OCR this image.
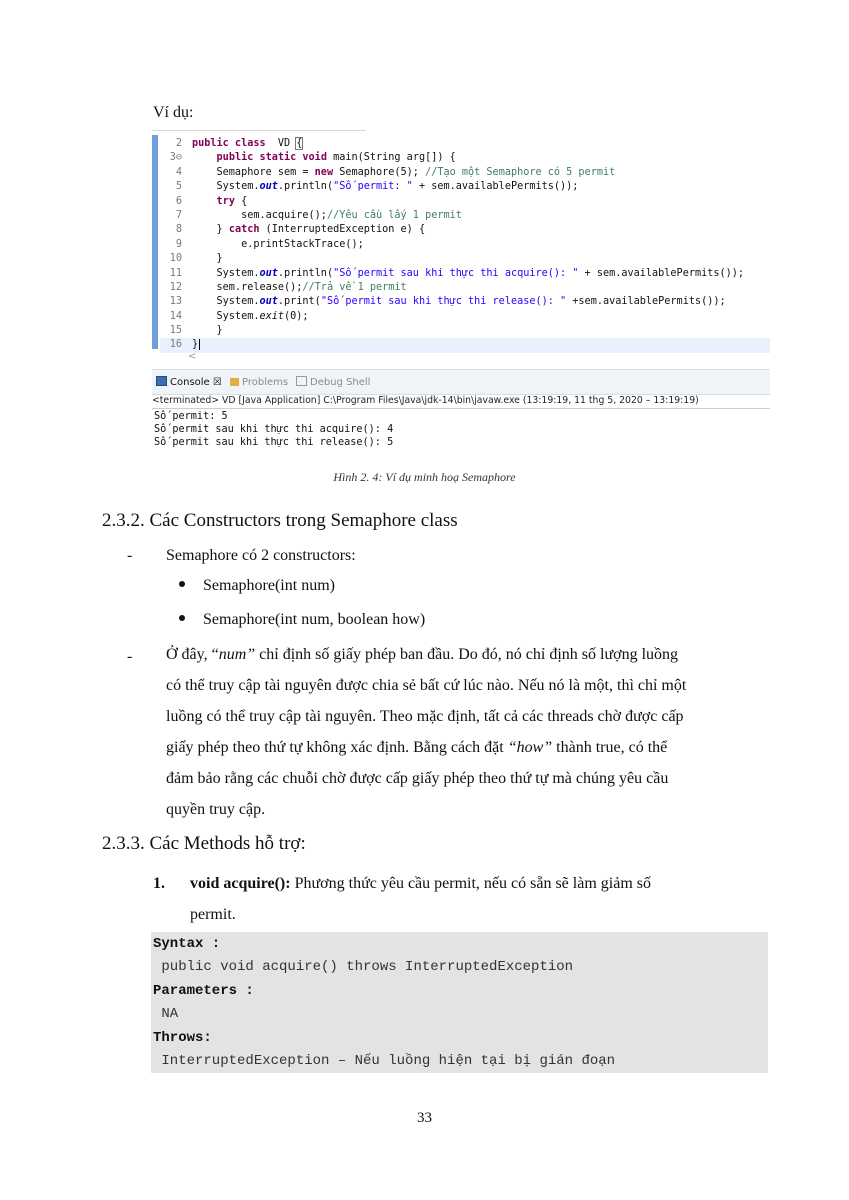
Ví dụ:
2 public class  VD {
3⊖	public static void main(String arg[]) {
4    Semaphore sem = new Semaphore(5); //Tạo một Semaphore có 5 permit
5    System.out.println("Số permit: " + sem.availablePermits());
6	try {
7        sem.acquire();//Yêu cầu lấy 1 permit
8    } catch (InterruptedException e) {
9        e.printStackTrace();
10    }
11    System.out.println("Số permit sau khi thực thi acquire(): " + sem.availablePermits());
12    sem.release();//Trả về 1 permit
13    System.out.print("Số permit sau khi thực thi release(): " +sem.availablePermits());
14    System.exit(0);
15    }
16 }
<
Console ☒	Problems	Debug Shell
<terminated> VD [Java Application] C:\Program Files\Java\jdk-14\bin\javaw.exe (13:19:19, 11 thg 5, 2020 – 13:19:19)
Số permit: 5
Số permit sau khi thực thi acquire(): 4
Số permit sau khi thực thi release(): 5
Hình 2. 4: Ví dụ minh hoạ Semaphore
2.3.2. Các Constructors trong Semaphore class
- Semaphore có 2 constructors:
Semaphore(int num)
Semaphore(int num, boolean how)
- Ở đây, “num” chỉ định số giấy phép ban đầu. Do đó, nó chỉ định số lượng luồng
có thể truy cập tài nguyên được chia sẻ bất cứ lúc nào. Nếu nó là một, thì chỉ một
luồng có thể truy cập tài nguyên. Theo mặc định, tất cả các threads chờ được cấp
giấy phép theo thứ tự không xác định. Bằng cách đặt “how” thành true, có thể
đảm bảo rằng các chuỗi chờ được cấp giấy phép theo thứ tự mà chúng yêu cầu
quyền truy cập.
2.3.3. Các Methods hỗ trợ:
1. void acquire(): Phương thức yêu cầu permit, nếu có sẵn sẽ làm giảm số
permit.
Syntax :
public void acquire() throws InterruptedException
Parameters :
NA
Throws:
InterruptedException – Nếu luồng hiện tại bị gián đoạn
33
